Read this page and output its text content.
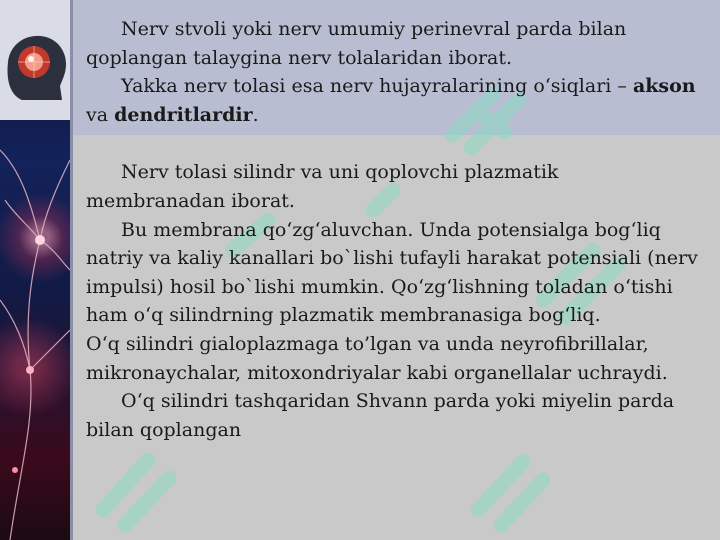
Nerv stvoli yoki nerv umumiy perinevral parda bilan qoplangan talaygina nerv tolalaridan iborat.

Yakka nerv tolasi esa nerv hujayralarining o‘siqlari – akson va dendritlardir.

Nerv tolasi silindr va uni qoplovchi plazmatik membranadan iborat.

Bu membrana qo‘zg‘aluvchan. Unda potensialga bog‘liq natriy va kaliy kanallari bo`lishi tufayli harakat potensiali (nerv impulsi) hosil bo`lishi mumkin. Qo‘zg‘lishning toladan o‘tishi ham o‘q silindrning plazmatik membranasiga bog‘liq.

O‘q silindri gialoplazmaga to’lgan va unda neyrofibrillalar, mikronaychalar, mitoxondriyalar kabi organellalar uchraydi.

O‘q silindri tashqaridan Shvann parda yoki miyelin parda bilan qoplangan
